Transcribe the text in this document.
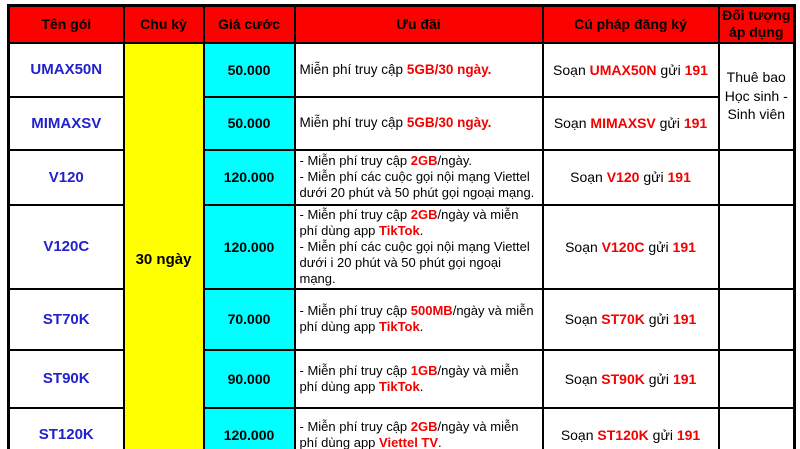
Tên gói	Chu kỳ	Giá cước	Ưu đãi	Cú pháp đăng ký	Đối tượng áp dụng
UMAX50N	30 ngày	50.000	Miễn phí truy cập 5GB/30 ngày.	Soạn UMAX50N gửi 191	Thuê bao Học sinh - Sinh viên
MIMAXSV		50.000	Miễn phí truy cập 5GB/30 ngày.	Soạn MIMAXSV gửi 191	
V120		120.000	- Miễn phí truy cập 2GB/ngày.
- Miễn phí các cuộc gọi nội mạng Viettel dưới 20 phút và 50 phút gọi ngoại mạng.	Soạn V120 gửi 191	
V120C		120.000	- Miễn phí truy cập 2GB/ngày và miễn phí dùng app TikTok.
- Miễn phí các cuộc gọi nội mạng Viettel dưới i 20 phút và 50 phút gọi ngoại mạng.	Soạn V120C gửi 191	
ST70K		70.000	- Miễn phí truy cập 500MB/ngày và miễn phí dùng app TikTok.	Soạn ST70K gửi 191	
ST90K		90.000	- Miễn phí truy cập 1GB/ngày và miễn phí dùng app TikTok.	Soạn ST90K gửi 191	
ST120K		120.000	- Miễn phí truy cập 2GB/ngày và miễn phí dùng app Viettel TV.	Soạn ST120K gửi 191	
